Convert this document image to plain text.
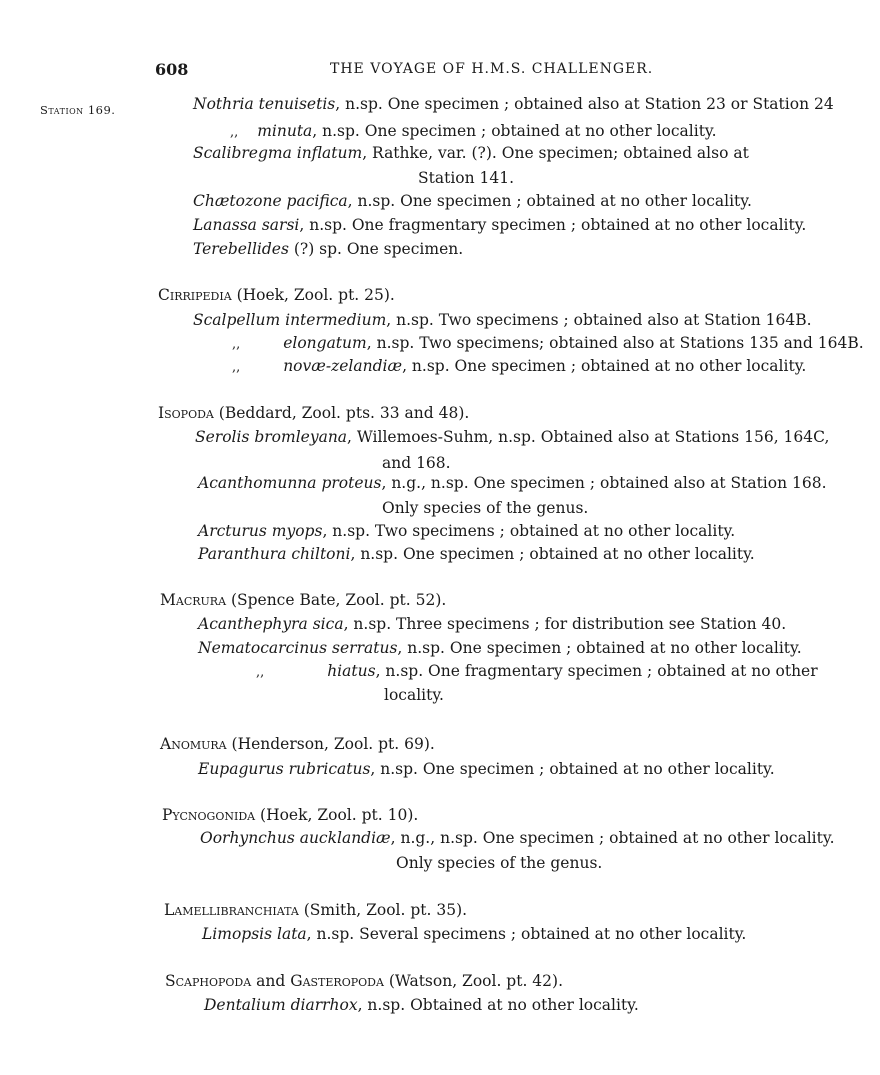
608	THE VOYAGE OF H.M.S. CHALLENGER.
Station 169.	Nothria tenuisetis, n.sp. One specimen ; obtained also at Station 23 or Station 24
,, minuta, n.sp. One specimen ; obtained at no other locality.
Scalibregma inflatum, Rathke, var. (?). One specimen; obtained also at
Station 141.
Chætozone pacifica, n.sp. One specimen ; obtained at no other locality.
Lanassa sarsi, n.sp. One fragmentary specimen ; obtained at no other locality.
Terebellides (?) sp. One specimen.
Cirripedia (Hoek, Zool. pt. 25).
Scalpellum intermedium, n.sp. Two specimens ; obtained also at Station 164B.
,,	elongatum, n.sp. Two specimens; obtained also at Stations 135 and 164B.
,,	novæ-zelandiæ, n.sp. One specimen ; obtained at no other locality.
Isopoda (Beddard, Zool. pts. 33 and 48).
Serolis bromleyana, Willemoes-Suhm, n.sp. Obtained also at Stations 156, 164C,
and 168.
Acanthomunna proteus, n.g., n.sp. One specimen ; obtained also at Station 168.
Only species of the genus.
Arcturus myops, n.sp. Two specimens ; obtained at no other locality.
Paranthura chiltoni, n.sp. One specimen ; obtained at no other locality.
Macrura (Spence Bate, Zool. pt. 52).
Acanthephyra sica, n.sp. Three specimens ; for distribution see Station 40.
Nematocarcinus serratus, n.sp. One specimen ; obtained at no other locality.
,,	hiatus, n.sp. One fragmentary specimen ; obtained at no other
locality.
Anomura (Henderson, Zool. pt. 69).
Eupagurus rubricatus, n.sp. One specimen ; obtained at no other locality.
Pycnogonida (Hoek, Zool. pt. 10).
Oorhynchus aucklandiæ, n.g., n.sp. One specimen ; obtained at no other locality.
Only species of the genus.
Lamellibranchiata (Smith, Zool. pt. 35).
Limopsis lata, n.sp. Several specimens ; obtained at no other locality.
Scaphopoda and Gasteropoda (Watson, Zool. pt. 42).
Dentalium diarrhox, n.sp. Obtained at no other locality.
